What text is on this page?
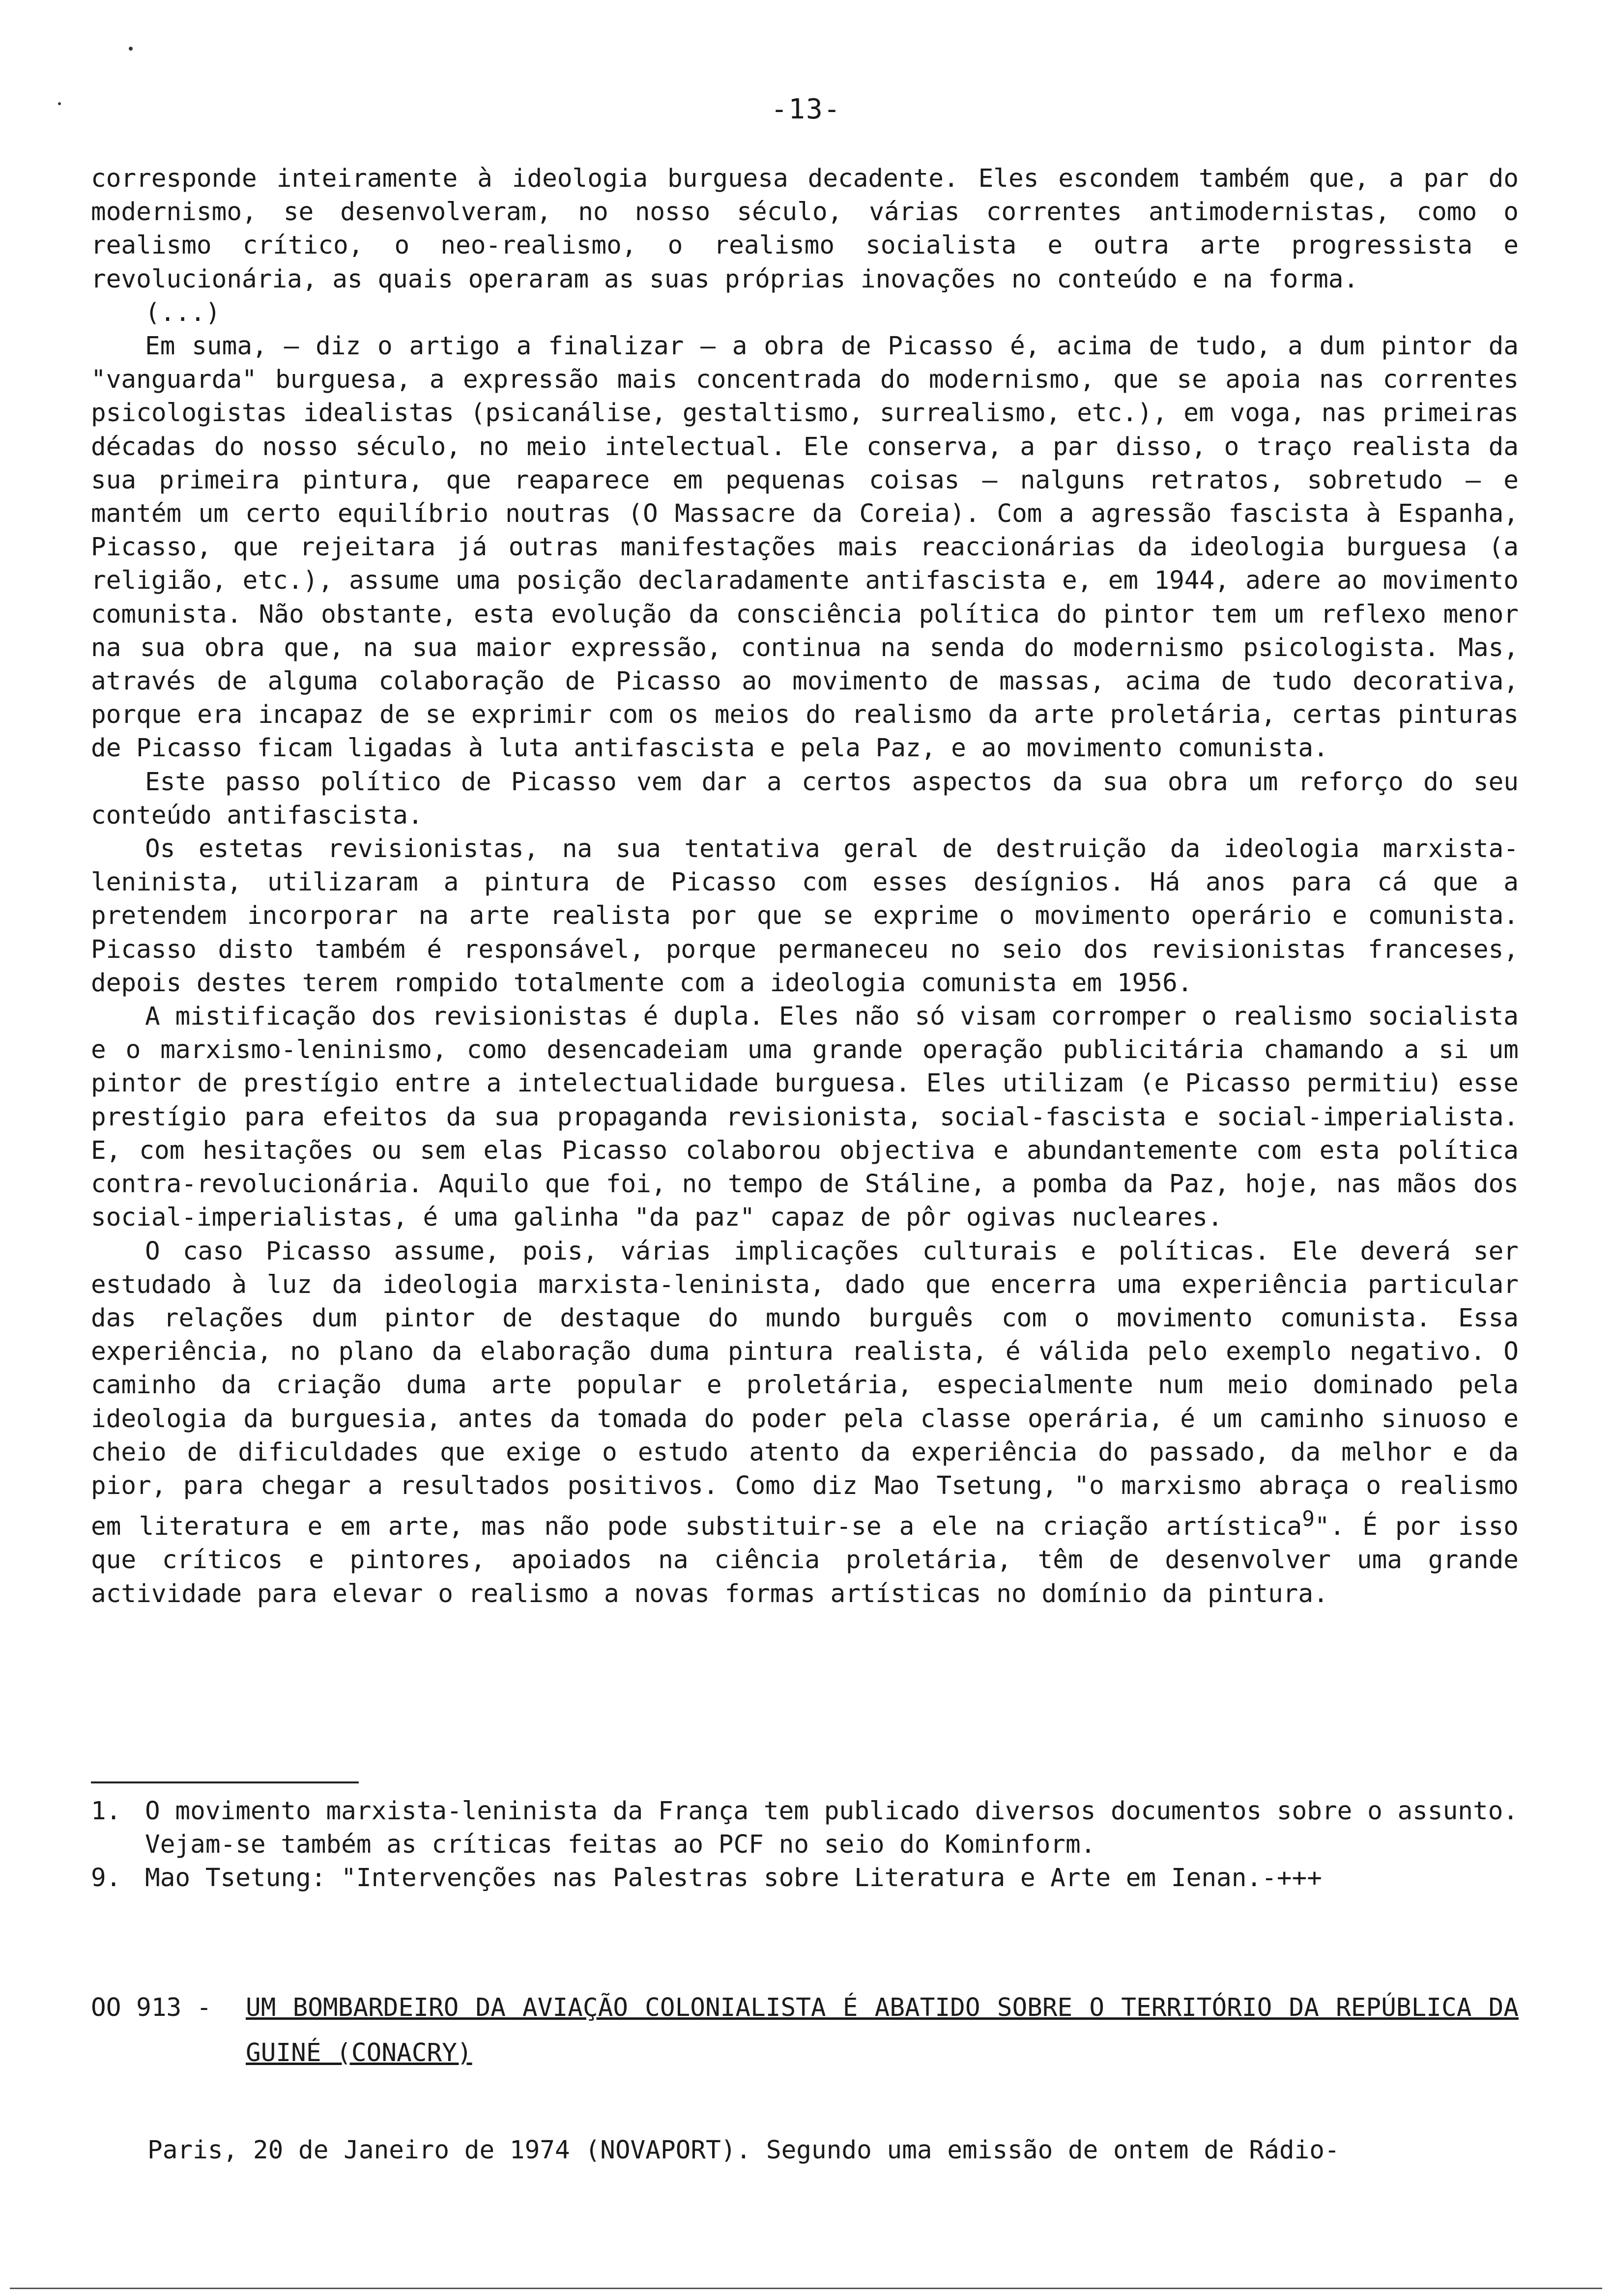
-13-

corresponde inteiramente à ideologia burguesa decadente. Eles escondem também que, a par do modernismo, se desenvolveram, no nosso século, várias correntes antimodernistas, como o realismo crítico, o neo-realismo, o realismo socialista e outra arte progressista e revolucionária, as quais operaram as suas próprias inovações no conteúdo e na forma.

(...)

Em suma, — diz o artigo a finalizar — a obra de Picasso é, acima de tudo, a dum pintor da "vanguarda" burguesa, a expressão mais concentrada do modernismo, que se apoia nas correntes psicologistas idealistas (psicanálise, gestaltismo, surrealismo, etc.), em voga, nas primeiras décadas do nosso século, no meio intelectual. Ele conserva, a par disso, o traço realista da sua primeira pintura, que reaparece em pequenas coisas — nalguns retratos, sobretudo — e mantém um certo equilíbrio noutras (O Massacre da Coreia). Com a agressão fascista à Espanha, Picasso, que rejeitara já outras manifestações mais reaccionárias da ideologia burguesa (a religião, etc.), assume uma posição declaradamente antifascista e, em 1944, adere ao movimento comunista. Não obstante, esta evolução da consciência política do pintor tem um reflexo menor na sua obra que, na sua maior expressão, continua na senda do modernismo psicologista. Mas, através de alguma colaboração de Picasso ao movimento de massas, acima de tudo decorativa, porque era incapaz de se exprimir com os meios do realismo da arte proletária, certas pinturas de Picasso ficam ligadas à luta antifascista e pela Paz, e ao movimento comunista.

Este passo político de Picasso vem dar a certos aspectos da sua obra um reforço do seu conteúdo antifascista.

Os estetas revisionistas, na sua tentativa geral de destruição da ideologia marxista-leninista, utilizaram a pintura de Picasso com esses desígnios. Há anos para cá que a pretendem incorporar na arte realista por que se exprime o movimento operário e comunista. Picasso disto também é responsável, porque permaneceu no seio dos revisionistas franceses, depois destes terem rompido totalmente com a ideologia comunista em 1956.

A mistificação dos revisionistas é dupla. Eles não só visam corromper o realismo socialista e o marxismo-leninismo, como desencadeiam uma grande operação publicitária chamando a si um pintor de prestígio entre a intelectualidade burguesa. Eles utilizam (e Picasso permitiu) esse prestígio para efeitos da sua propaganda revisionista, social-fascista e social-imperialista. E, com hesitações ou sem elas Picasso colaborou objectiva e abundantemente com esta política contra-revolucionária. Aquilo que foi, no tempo de Stáline, a pomba da Paz, hoje, nas mãos dos social-imperialistas, é uma galinha "da paz" capaz de pôr ogivas nucleares.

O caso Picasso assume, pois, várias implicações culturais e políticas. Ele deverá ser estudado à luz da ideologia marxista-leninista, dado que encerra uma experiência particular das relações dum pintor de destaque do mundo burguês com o movimento comunista. Essa experiência, no plano da elaboração duma pintura realista, é válida pelo exemplo negativo. O caminho da criação duma arte popular e proletária, especialmente num meio dominado pela ideologia da burguesia, antes da tomada do poder pela classe operária, é um caminho sinuoso e cheio de dificuldades que exige o estudo atento da experiência do passado, da melhor e da pior, para chegar a resultados positivos. Como diz Mao Tsetung, "o marxismo abraça o realismo em literatura e em arte, mas não pode substituir-se a ele na criação artística$^9$". É por isso que críticos e pintores, apoiados na ciência proletária, têm de desenvolver uma grande actividade para elevar o realismo a novas formas artísticas no domínio da pintura.

1. O movimento marxista-leninista da França tem publicado diversos documentos sobre o assunto. Vejam-se também as críticas feitas ao PCF no seio do Kominform.

9. Mao Tsetung: "Intervenções nas Palestras sobre Literatura e Arte em Ienan.-+++

OO 913 - UM BOMBARDEIRO DA AVIAÇÃO COLONIALISTA É ABATIDO SOBRE O TERRITÓRIO DA REPÚBLICA DA GUINÉ (CONACRY)
Paris, 20 de Janeiro de 1974 (NOVAPORT). Segundo uma emissão de ontem de Rádio-
